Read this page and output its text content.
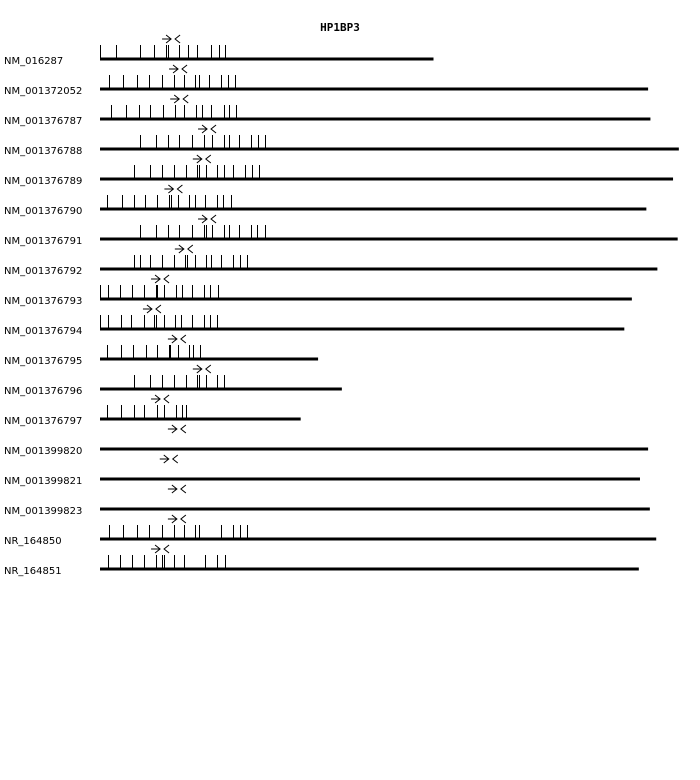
HP1BP3
NM_016287
NM_001372052
NM_001376787
NM_001376788
NM_001376789
NM_001376790
NM_001376791
NM_001376792
NM_001376793
NM_001376794
NM_001376795
NM_001376796
NM_001376797
NM_001399820
NM_001399821
NM_001399823
NR_164850
NR_164851
